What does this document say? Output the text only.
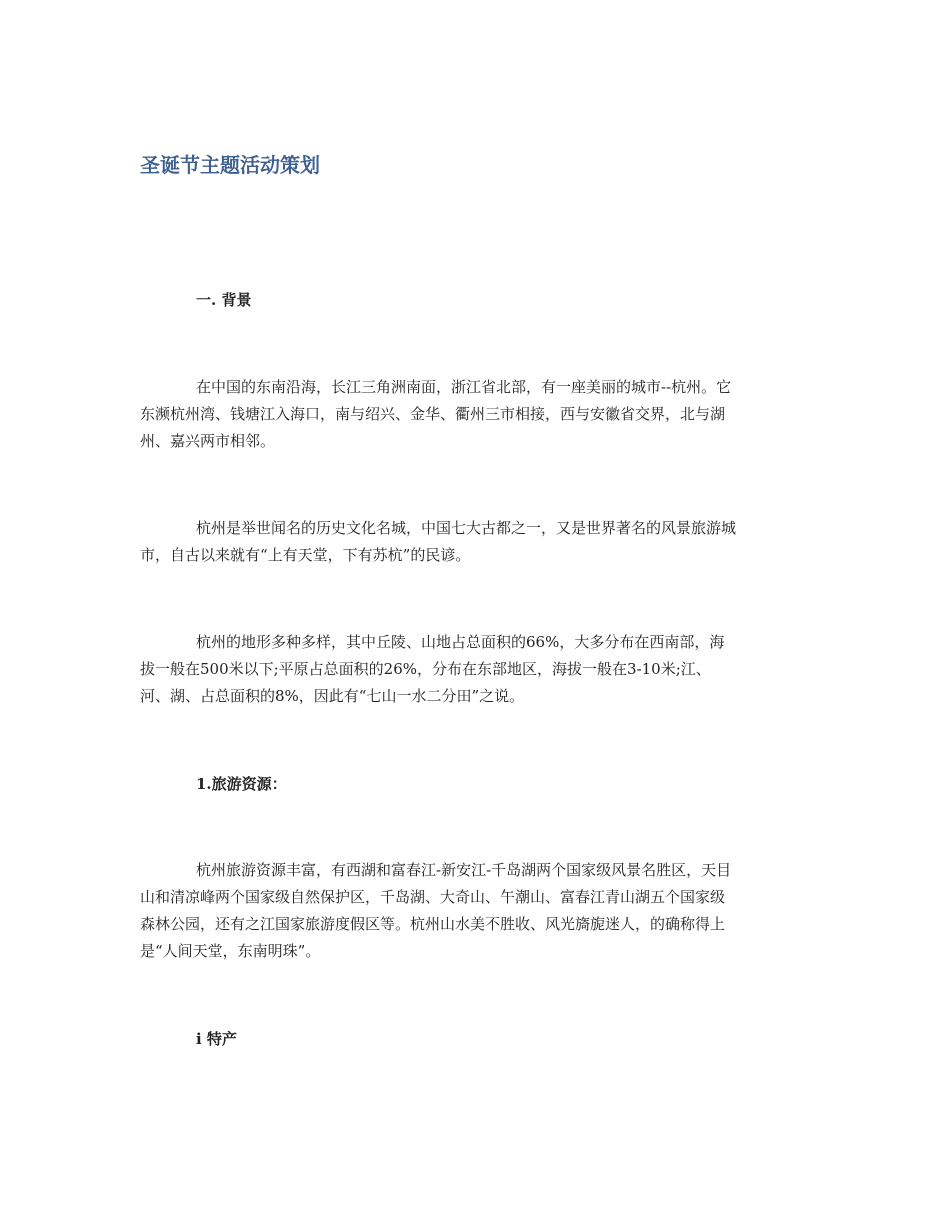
圣诞节主题活动策划
一. 背景

在中国的东南沿海，长江三角洲南面，浙江省北部，有一座美丽的城市--杭州。它
东濒杭州湾、钱塘江入海口，南与绍兴、金华、衢州三市相接，西与安徽省交界，北与湖
州、嘉兴两市相邻。

杭州是举世闻名的历史文化名城，中国七大古都之一，又是世界著名的风景旅游城
市，自古以来就有“上有天堂，下有苏杭”的民谚。

杭州的地形多种多样，其中丘陵、山地占总面积的66%，大多分布在西南部，海
拔一般在500米以下;平原占总面积的26%，分布在东部地区，海拔一般在3-10米;江、
河、湖、占总面积的8%，因此有“七山一水二分田”之说。

1.旅游资源：

杭州旅游资源丰富，有西湖和富春江-新安江-千岛湖两个国家级风景名胜区，天目
山和清凉峰两个国家级自然保护区，千岛湖、大奇山、午潮山、富春江青山湖五个国家级
森林公园，还有之江国家旅游度假区等。杭州山水美不胜收、风光旖旎迷人，的确称得上
是“人间天堂，东南明珠”。

i 特产
